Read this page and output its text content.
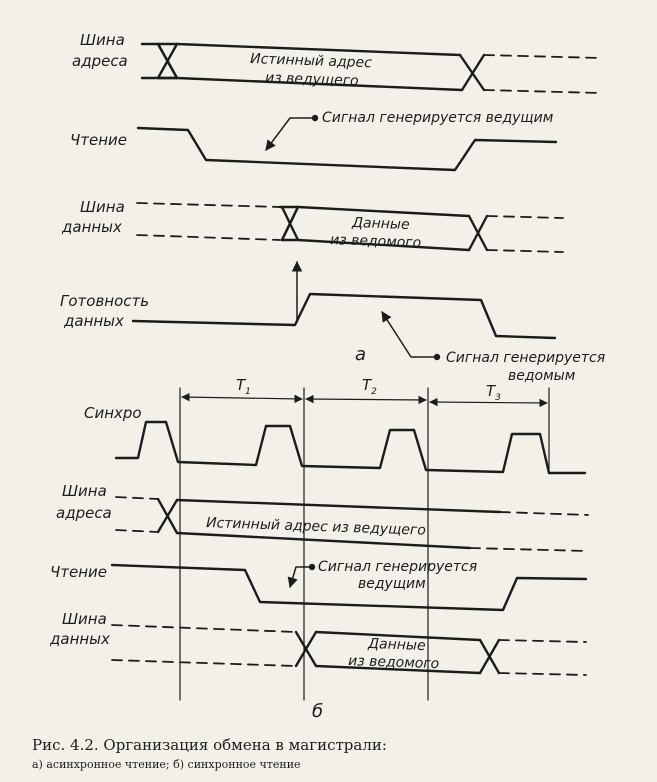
Шина
адреса	Истинный адрес
из ведущего
Чтение
Сигнал генерируется ведущим
Шина
данных	Данные
из ведомого
Готовность
данных
Сигнал генерируется
ведомым
а
$T_1$	$T_2$	$T_3$
Синхро
Шина
адреса
Истинный адрес из ведущего
Чтение	Сигнал генерируется
ведущим
Шина
данных	Данные
из ведомого
б
Рис. 4.2. Организация обмена в магистрали:
а) асинхронное чтение; б) синхронное чтение
